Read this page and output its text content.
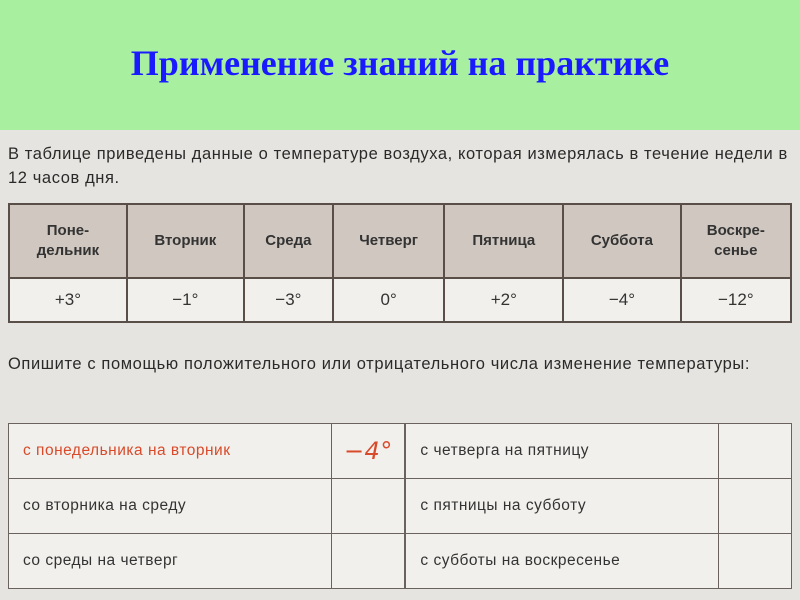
Применение знаний на практике
В таблице приведены данные о температуре воздуха, которая измерялась в течение недели в 12 часов дня.
Поне-
дельник	Вторник	Среда	Четверг	Пятница	Суббота	Воскре-
сенье
+3°	−1°	−3°	0°	+2°	−4°	−12°
Опишите с помощью положительного или отрицательного числа изменение температуры:
с понедельника на вторник	−4°	с четверга на пятницу	
со вторника на среду		с пятницы на субботу	
со среды на четверг		с субботы на воскресенье	
